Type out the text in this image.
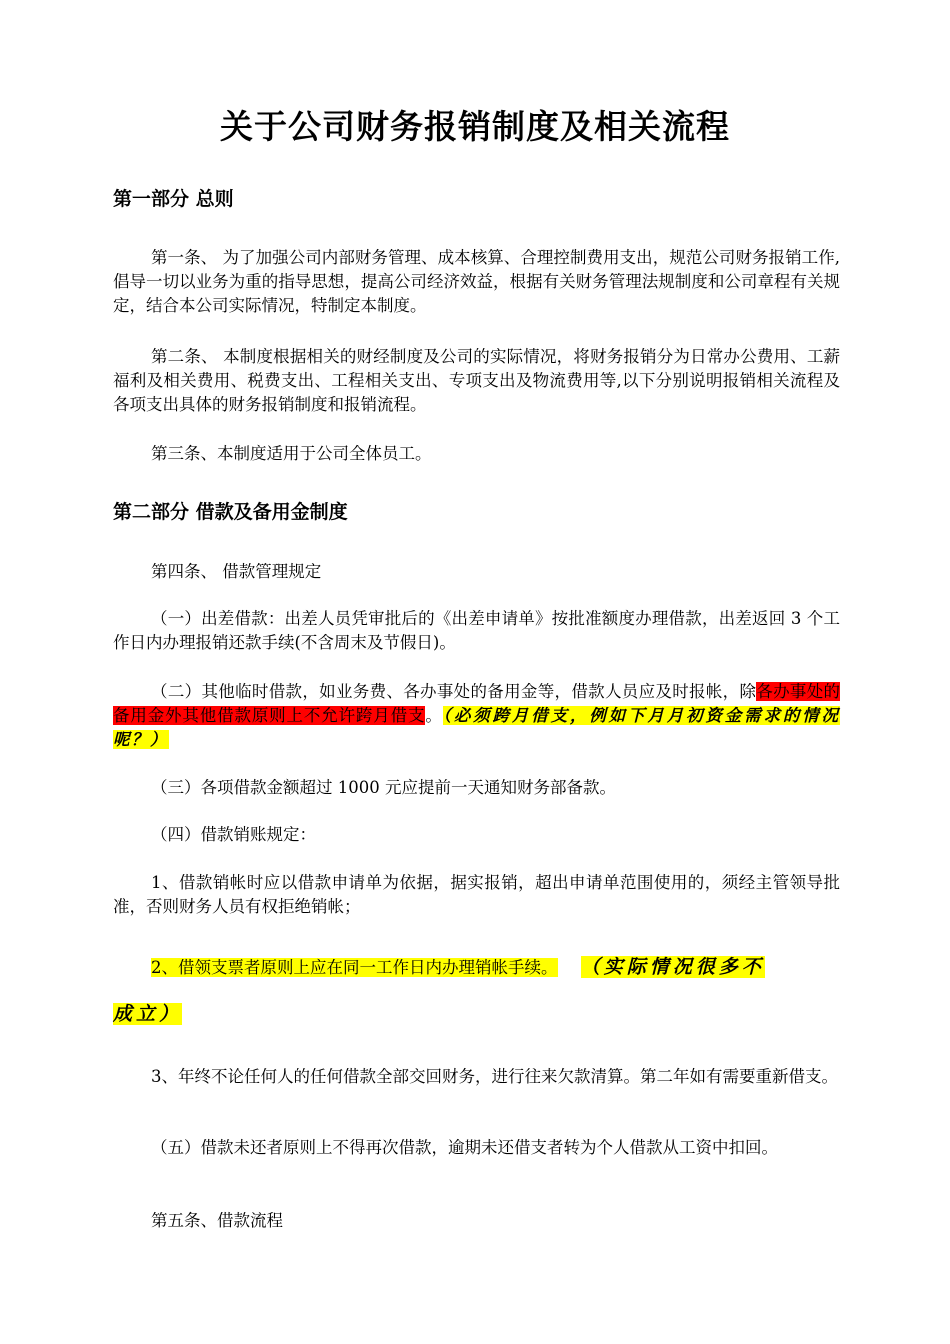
关于公司财务报销制度及相关流程
第一部分 总则
第一条、 为了加强公司内部财务管理、成本核算、合理控制费用支出，规范公司财务报销工作,倡导一切以业务为重的指导思想，提高公司经济效益，根据有关财务管理法规制度和公司章程有关规定，结合本公司实际情况，特制定本制度。
第二条、 本制度根据相关的财经制度及公司的实际情况，将财务报销分为日常办公费用、工薪福利及相关费用、税费支出、工程相关支出、专项支出及物流费用等,以下分别说明报销相关流程及各项支出具体的财务报销制度和报销流程。
第三条、本制度适用于公司全体员工。
第二部分 借款及备用金制度
第四条、 借款管理规定
（一）出差借款：出差人员凭审批后的《出差申请单》按批准额度办理借款，出差返回 3 个工作日内办理报销还款手续(不含周末及节假日)。
（二）其他临时借款，如业务费、各办事处的备用金等，借款人员应及时报帐，除各办事处的备用金外其他借款原则上不允许跨月借支。（必须跨月借支，例如下月月初资金需求的情况呢？）
（三）各项借款金额超过 1000 元应提前一天通知财务部备款。
（四）借款销账规定：
1、借款销帐时应以借款申请单为依据，据实报销，超出申请单范围使用的，须经主管领导批准，否则财务人员有权拒绝销帐；
2、借领支票者原则上应在同一工作日内办理销帐手续。 （实际情况很多不
成立）
3、年终不论任何人的任何借款全部交回财务，进行往来欠款清算。第二年如有需要重新借支。
（五）借款未还者原则上不得再次借款，逾期未还借支者转为个人借款从工资中扣回。
第五条、借款流程
